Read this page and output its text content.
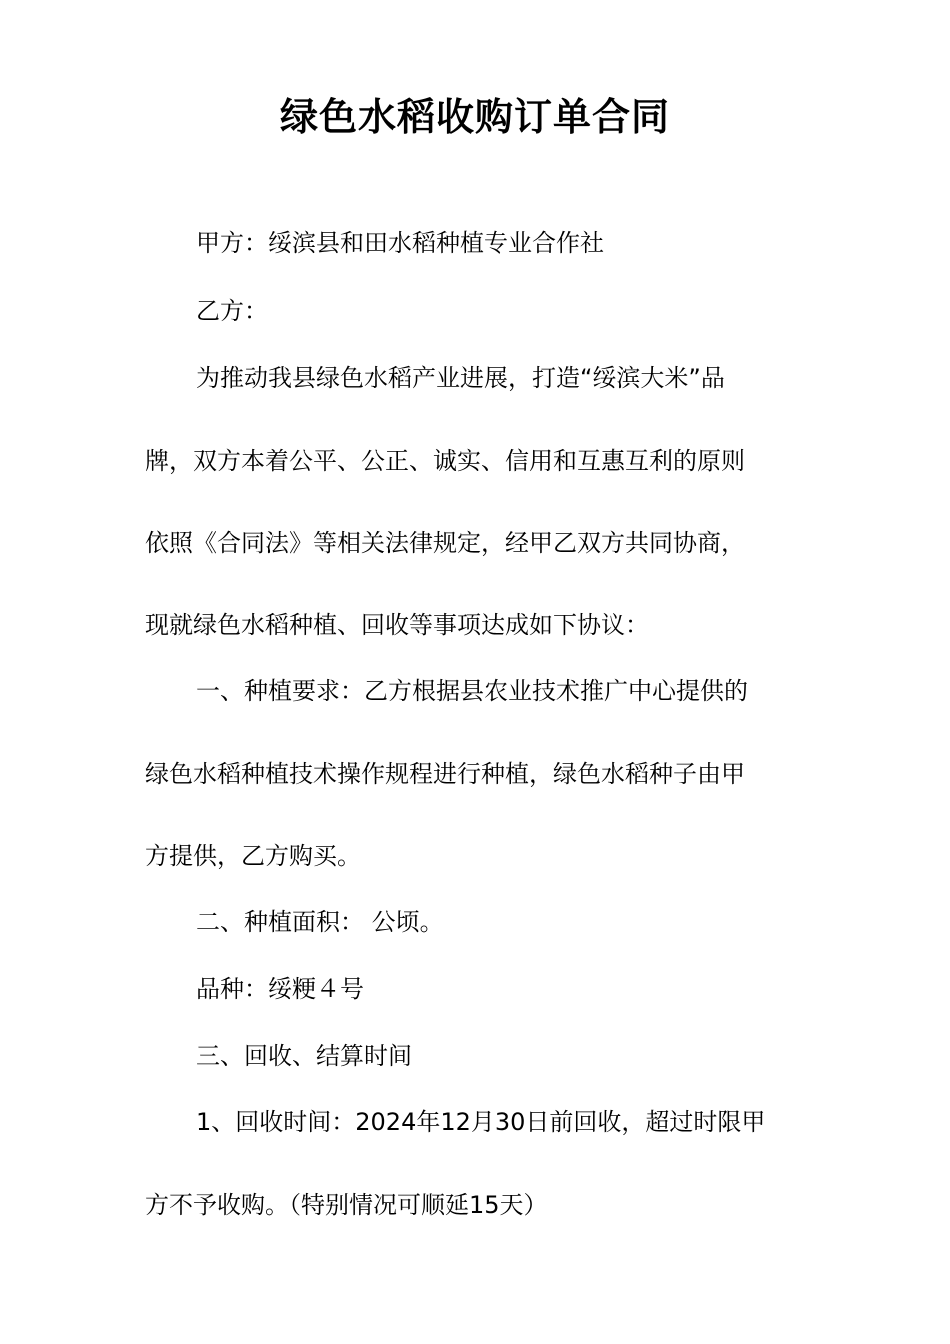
绿色水稻收购订单合同
甲方：绥滨县和田水稻种植专业合作社
乙方：
为推动我县绿色水稻产业进展，打造“绥滨大米”品
牌，双方本着公平、公正、诚实、信用和互惠互利的原则
依照《合同法》等相关法律规定，经甲乙双方共同协商，
现就绿色水稻种植、回收等事项达成如下协议：
一、种植要求：乙方根据县农业技术推广中心提供的
绿色水稻种植技术操作规程进行种植，绿色水稻种子由甲
方提供，乙方购买。
二、种植面积： 公顷。
品种：绥粳４号
三、回收、结算时间
1、回收时间：2024年12月30日前回收，超过时限甲
方不予收购。（特别情况可顺延15天）
